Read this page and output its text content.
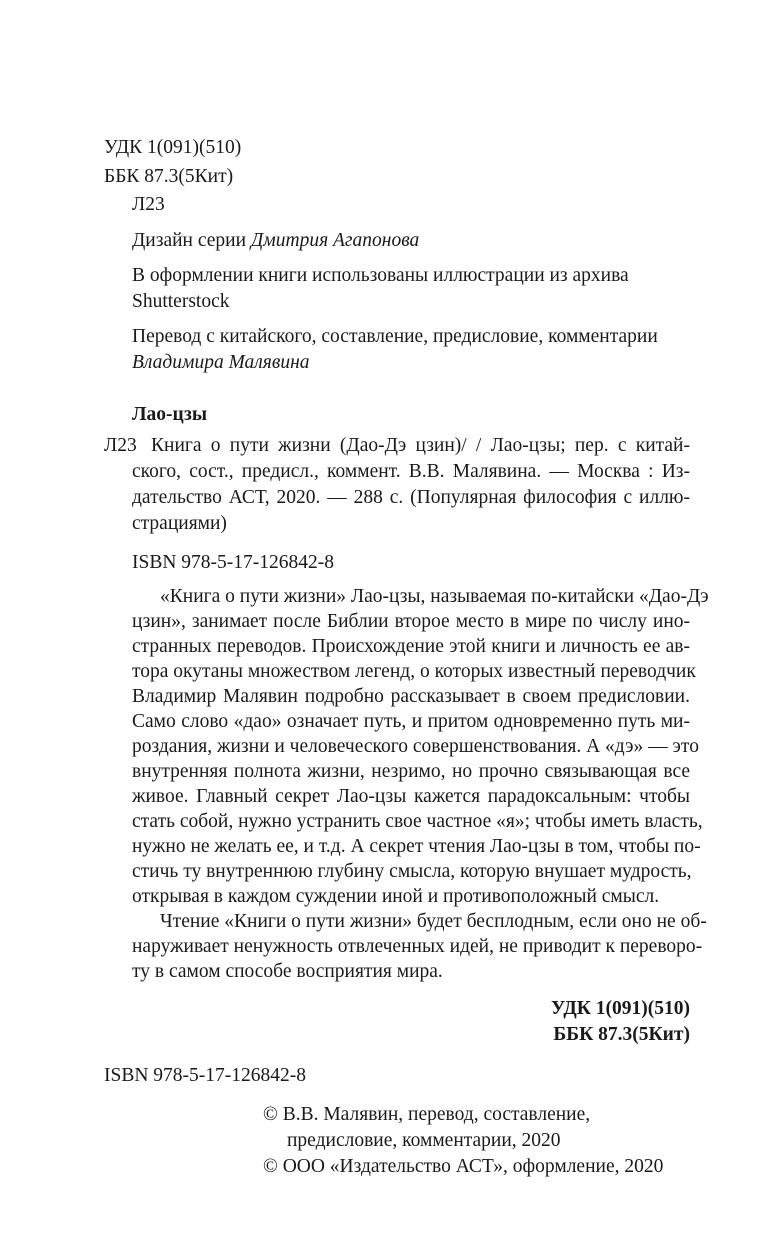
УДК 1(091)(510)

ББК 87.3(5Кит)

Л23

Дизайн серии Дмитрия Агапонова

В оформлении книги использованы иллюстрации из архива

Shutterstock

Перевод с китайского, составление, предисловие, комментарии

Владимира Малявина

Лао-цзы

Л23 Книга о пути жизни (Дао-Дэ цзин)/ / Лао-цзы; пер. с китай-

ского, сост., предисл., коммент. В.В. Малявина. — Москва : Из-

дательство АСТ, 2020. — 288 с. (Популярная философия с иллю-

страциями)

ISBN 978-5-17-126842-8

«Книга о пути жизни» Лао-цзы, называемая по-китайски «Дао-Дэ

цзин», занимает после Библии второе место в мире по числу ино-

странных переводов. Происхождение этой книги и личность ее ав-

тора окутаны множеством легенд, о которых известный переводчик

Владимир Малявин подробно рассказывает в своем предисловии.

Само слово «дао» означает путь, и притом одновременно путь ми-

роздания, жизни и человеческого совершенствования. А «дэ» — это

внутренняя полнота жизни, незримо, но прочно связывающая все

живое. Главный секрет Лао-цзы кажется парадоксальным: чтобы

стать собой, нужно устранить свое частное «я»; чтобы иметь власть,

нужно не желать ее, и т.д. А секрет чтения Лао-цзы в том, чтобы по-

стичь ту внутреннюю глубину смысла, которую внушает мудрость,

открывая в каждом суждении иной и противоположный смысл.

Чтение «Книги о пути жизни» будет бесплодным, если оно не об-

наруживает ненужность отвлеченных идей, не приводит к переворо-

ту в самом способе восприятия мира.

УДК 1(091)(510)

ББК 87.3(5Кит)

ISBN 978-5-17-126842-8

© В.В. Малявин, перевод, составление,

предисловие, комментарии, 2020

© ООО «Издательство АСТ», оформление, 2020
